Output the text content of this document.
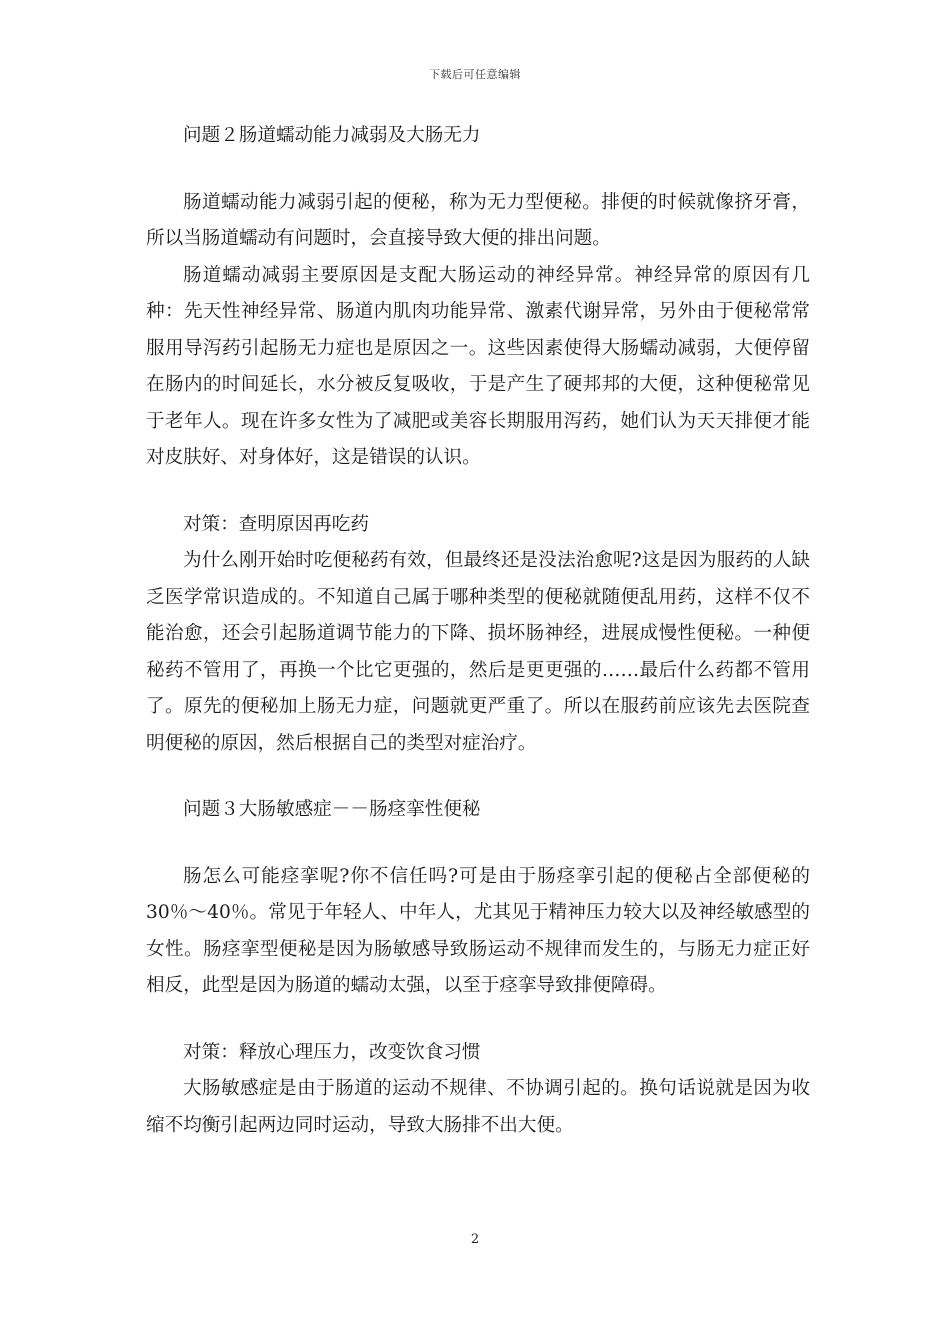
下载后可任意编辑

问题２肠道蠕动能力减弱及大肠无力

肠道蠕动能力减弱引起的便秘，称为无力型便秘。排便的时候就像挤牙膏，所以当肠道蠕动有问题时，会直接导致大便的排出问题。

肠道蠕动减弱主要原因是支配大肠运动的神经异常。神经异常的原因有几种：先天性神经异常、肠道内肌肉功能异常、激素代谢异常，另外由于便秘常常服用导泻药引起肠无力症也是原因之一。这些因素使得大肠蠕动减弱，大便停留在肠内的时间延长，水分被反复吸收，于是产生了硬邦邦的大便，这种便秘常见于老年人。现在许多女性为了减肥或美容长期服用泻药，她们认为天天排便才能对皮肤好、对身体好，这是错误的认识。

对策：查明原因再吃药

为什么刚开始时吃便秘药有效，但最终还是没法治愈呢?这是因为服药的人缺乏医学常识造成的。不知道自己属于哪种类型的便秘就随便乱用药，这样不仅不能治愈，还会引起肠道调节能力的下降、损坏肠神经，进展成慢性便秘。一种便秘药不管用了，再换一个比它更强的，然后是更更强的……最后什么药都不管用了。原先的便秘加上肠无力症，问题就更严重了。所以在服药前应该先去医院查明便秘的原因，然后根据自己的类型对症治疗。

问题３大肠敏感症－－肠痉挛性便秘

肠怎么可能痉挛呢?你不信任吗?可是由于肠痉挛引起的便秘占全部便秘的30％～40％。常见于年轻人、中年人，尤其见于精神压力较大以及神经敏感型的女性。肠痉挛型便秘是因为肠敏感导致肠运动不规律而发生的，与肠无力症正好相反，此型是因为肠道的蠕动太强，以至于痉挛导致排便障碍。

对策：释放心理压力，改变饮食习惯

大肠敏感症是由于肠道的运动不规律、不协调引起的。换句话说就是因为收缩不均衡引起两边同时运动，导致大肠排不出大便。

2
